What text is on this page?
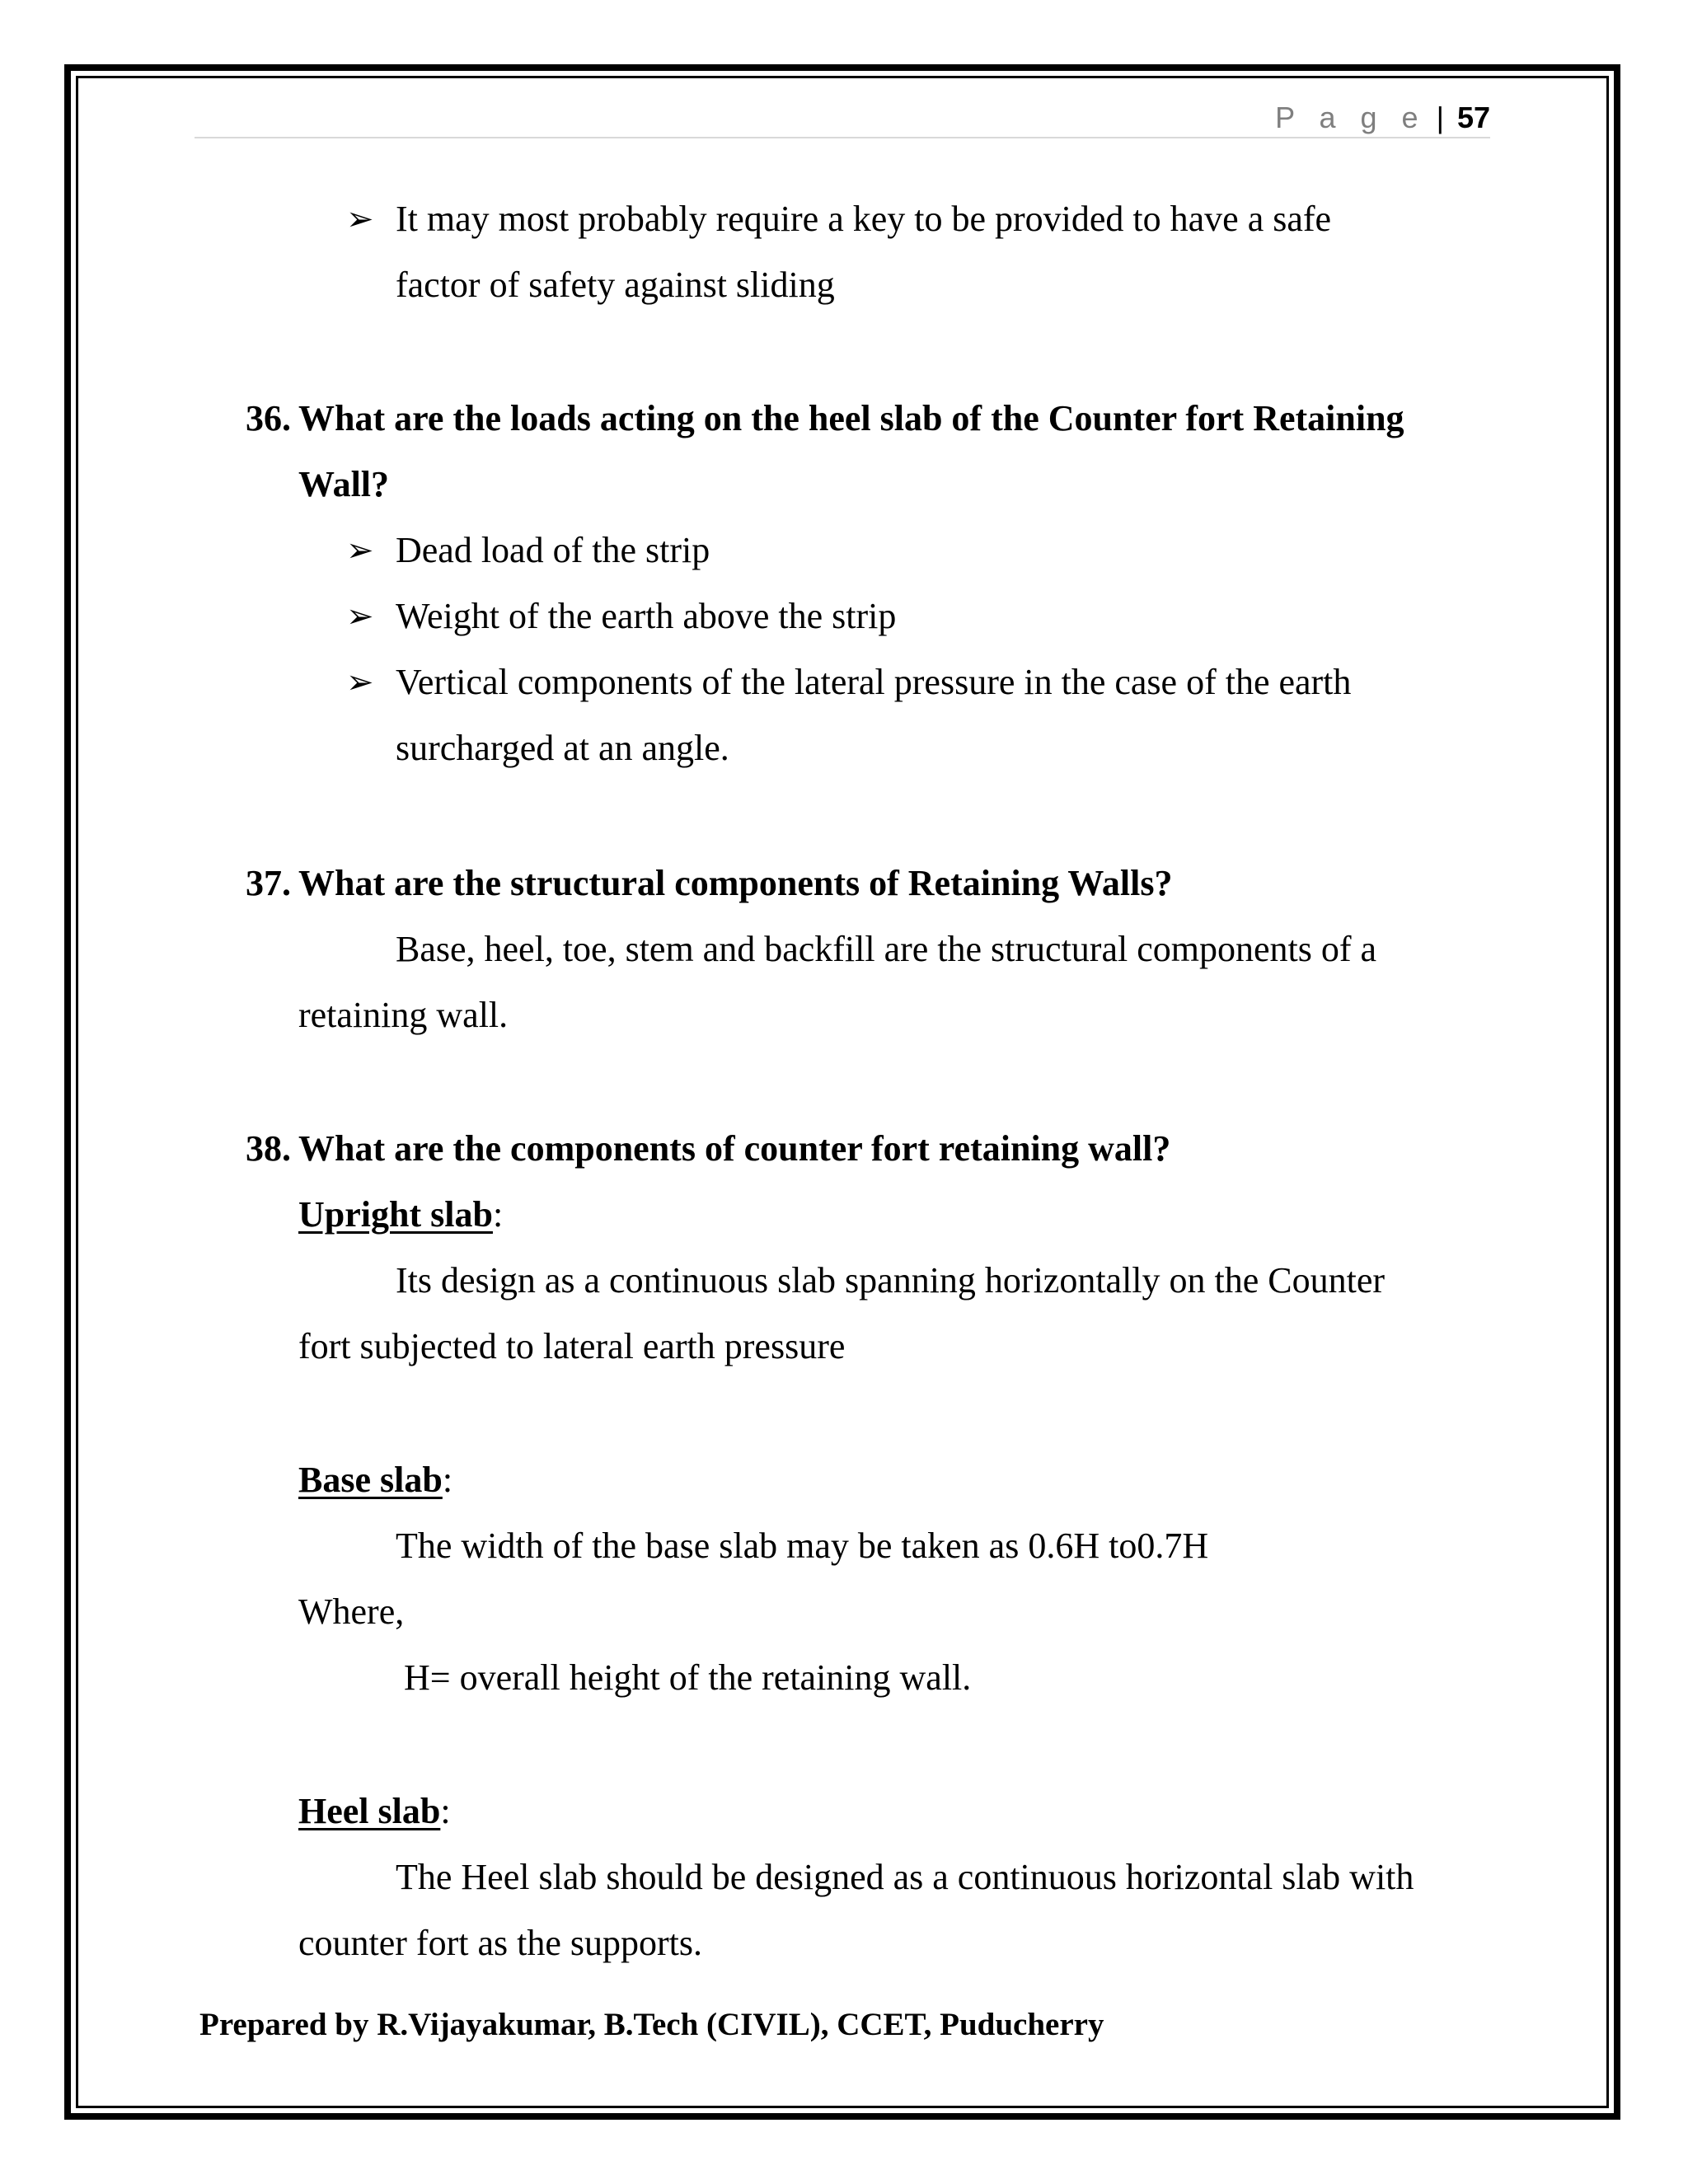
P a g e | 57
➢ It may most probably require a key to be provided to have a safe
factor of safety against sliding
36. What are the loads acting on the heel slab of the Counter fort Retaining
Wall?
➢ Dead load of the strip
➢ Weight of the earth above the strip
➢ Vertical components of the lateral pressure in the case of the earth
surcharged at an angle.
37. What are the structural components of Retaining Walls?
Base, heel, toe, stem and backfill are the structural components of a
retaining wall.
38. What are the components of counter fort retaining wall?
Upright slab:
Its design as a continuous slab spanning horizontally on the Counter
fort subjected to lateral earth pressure
Base slab:
The width of the base slab may be taken as 0.6H to0.7H
Where,
H= overall height of the retaining wall.
Heel slab:
The Heel slab should be designed as a continuous horizontal slab with
counter fort as the supports.
Prepared by R.Vijayakumar, B.Tech (CIVIL), CCET, Puducherry
